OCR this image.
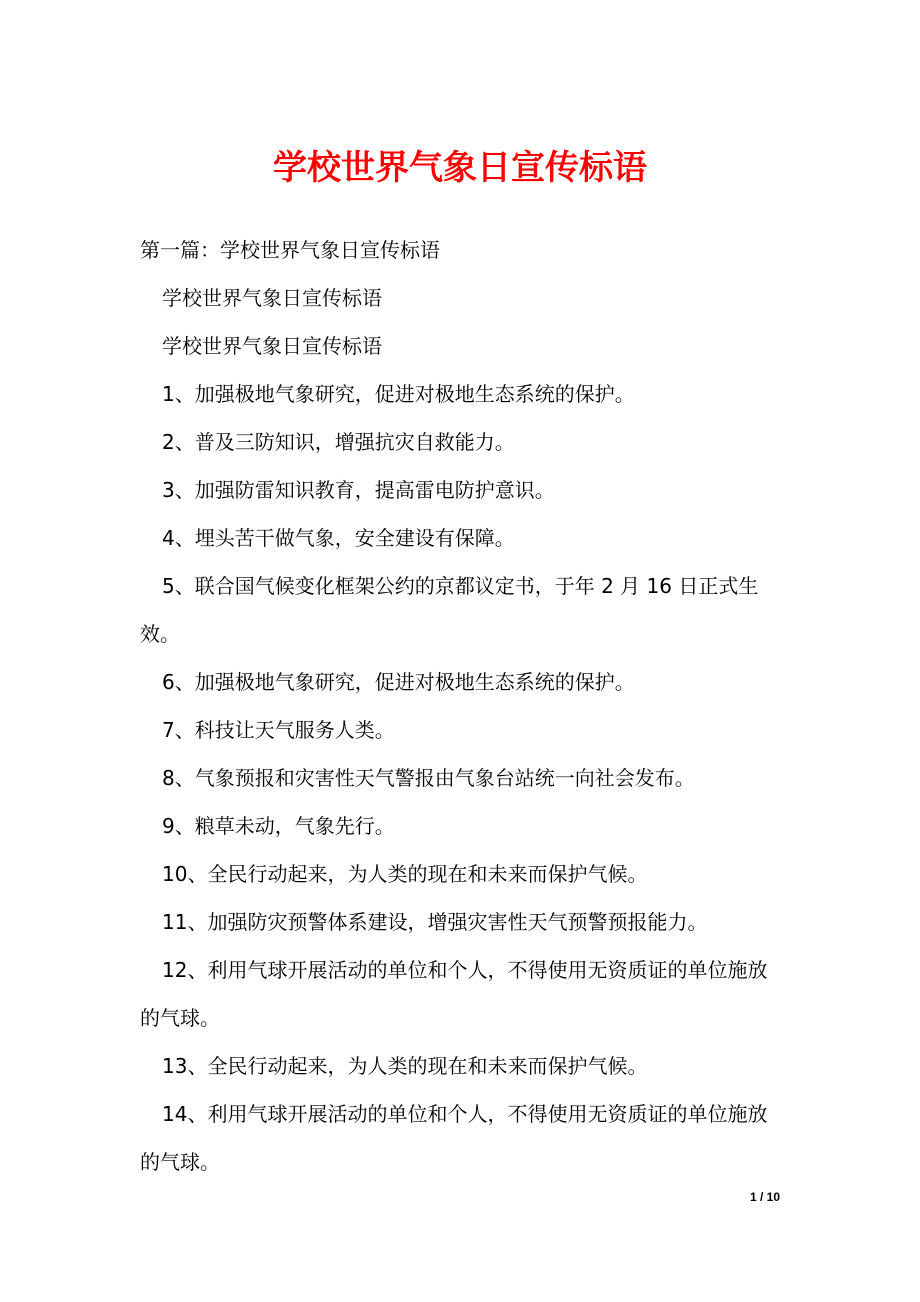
学校世界气象日宣传标语

第一篇：学校世界气象日宣传标语

学校世界气象日宣传标语

学校世界气象日宣传标语

1、加强极地气象研究，促进对极地生态系统的保护。

2、普及三防知识，增强抗灾自救能力。

3、加强防雷知识教育，提高雷电防护意识。

4、埋头苦干做气象，安全建设有保障。

5、联合国气候变化框架公约的京都议定书，于年 2 月 16 日正式生效。

6、加强极地气象研究，促进对极地生态系统的保护。

7、科技让天气服务人类。

8、气象预报和灾害性天气警报由气象台站统一向社会发布。

9、粮草未动，气象先行。

10、全民行动起来，为人类的现在和未来而保护气候。

11、加强防灾预警体系建设，增强灾害性天气预警预报能力。

12、利用气球开展活动的单位和个人，不得使用无资质证的单位施放的气球。

13、全民行动起来，为人类的现在和未来而保护气候。

14、利用气球开展活动的单位和个人，不得使用无资质证的单位施放的气球。

1 / 10
